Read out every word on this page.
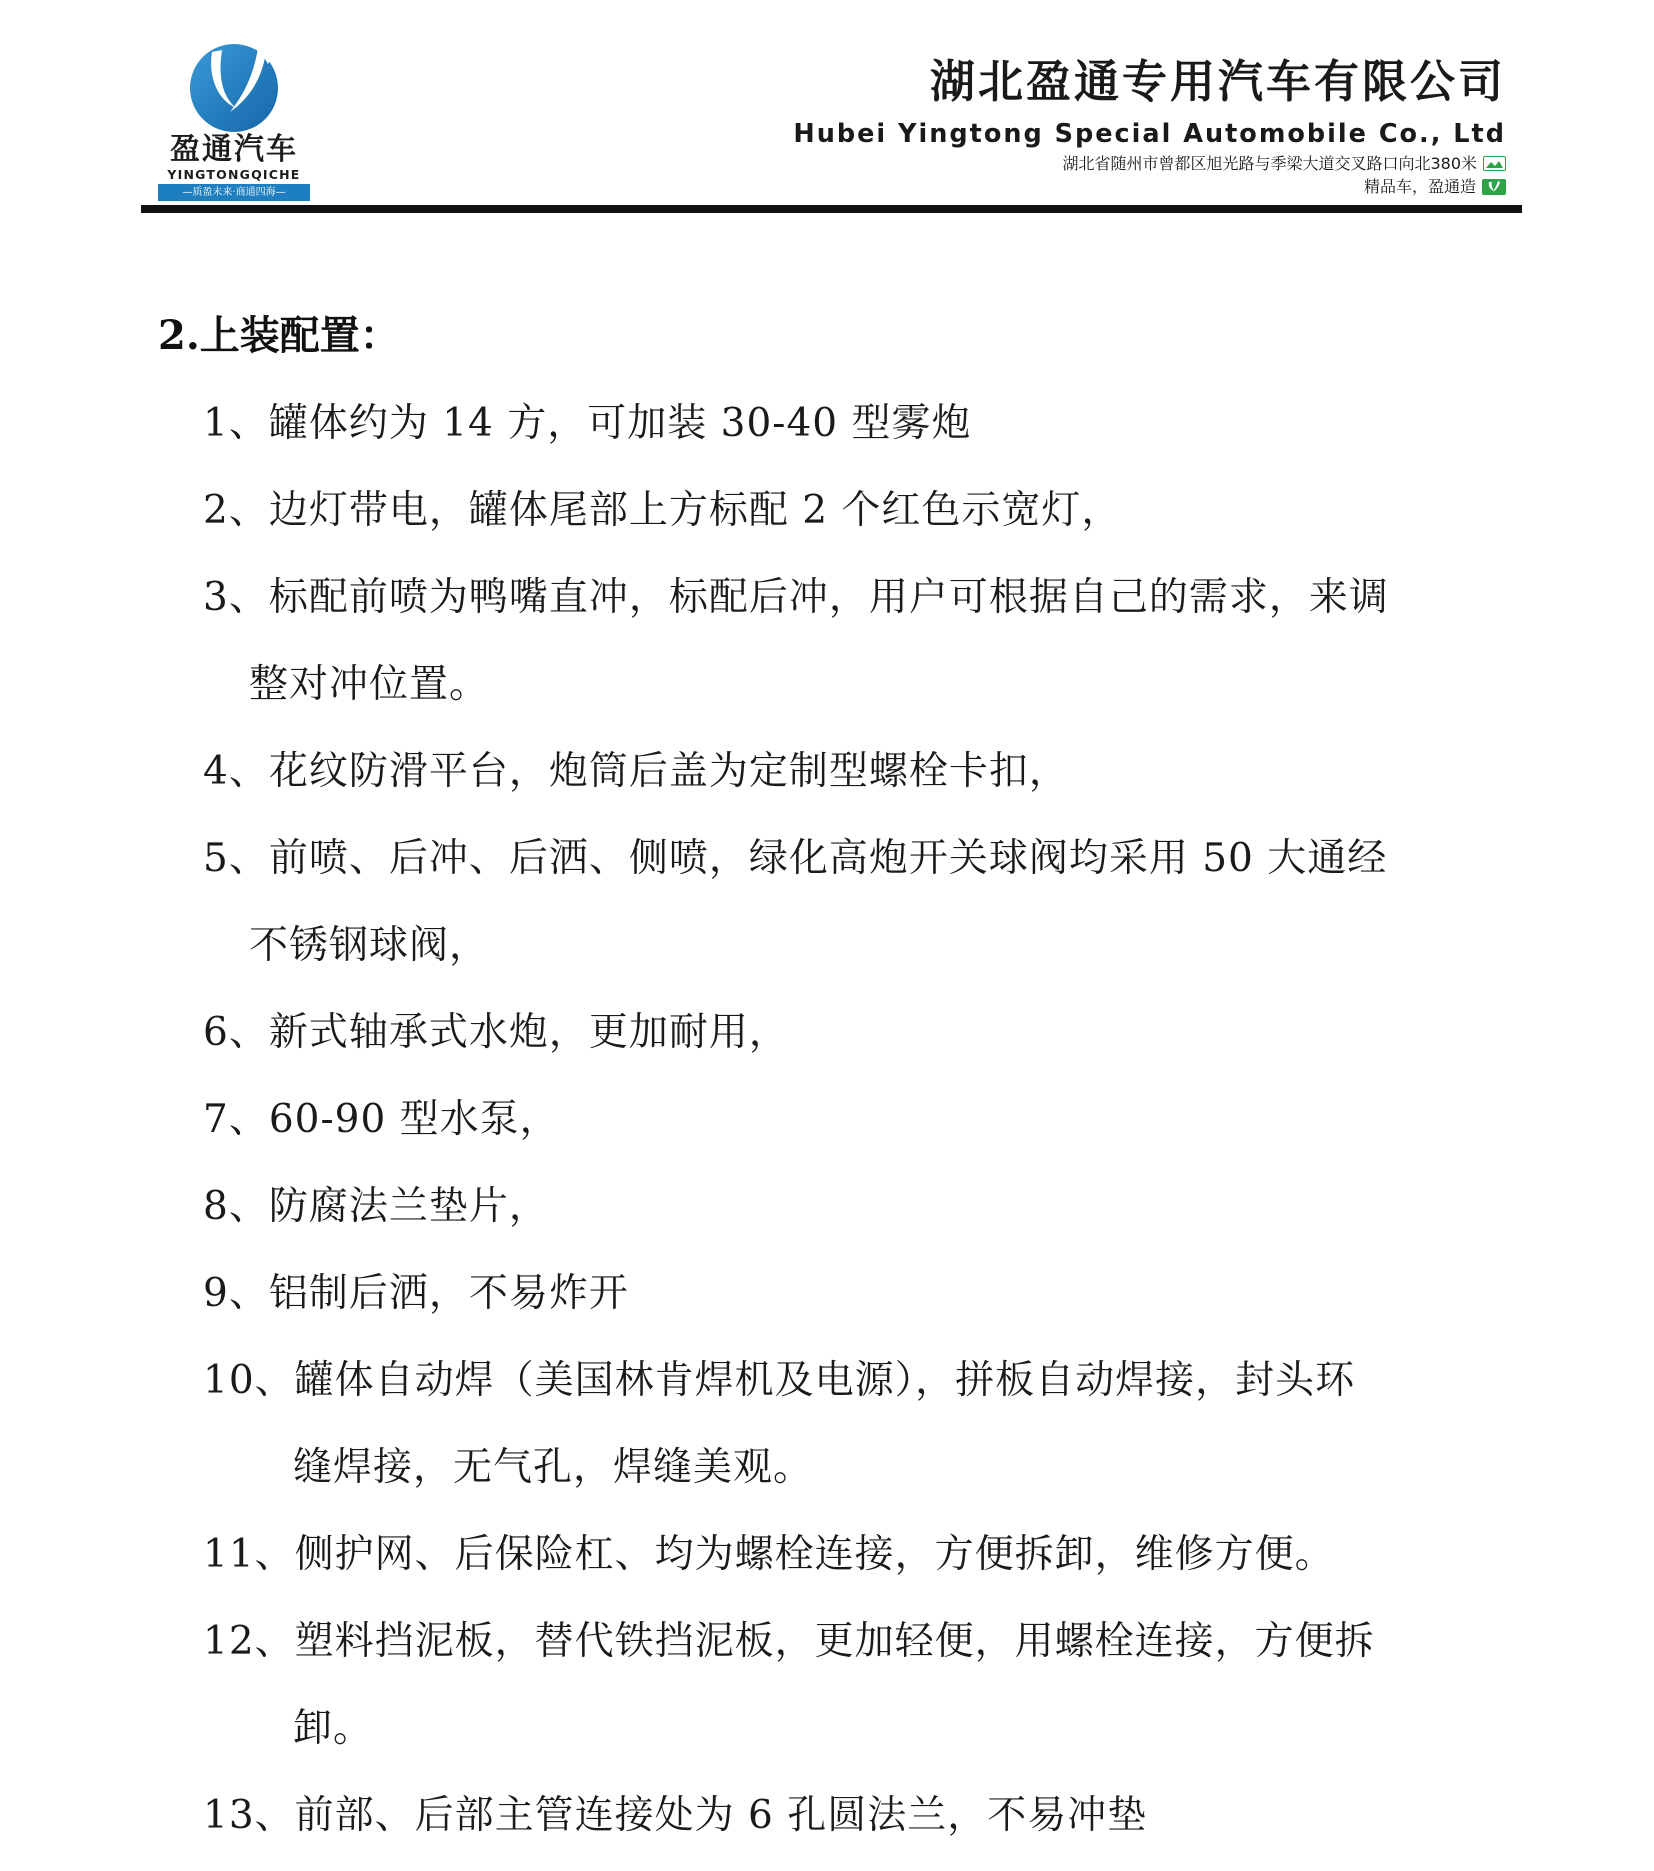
盈通汽车
YINGTONGQICHE
—质盈未来·商通四海—
湖北盈通专用汽车有限公司
Hubei Yingtong Special Automobile Co., Ltd
湖北省随州市曾都区旭光路与季梁大道交叉路口向北380米
精品车，盈通造
2.上装配置：
1、罐体约为 14 方，可加装 30-40 型雾炮
2、边灯带电，罐体尾部上方标配 2 个红色示宽灯，
3、标配前喷为鸭嘴直冲，标配后冲，用户可根据自己的需求，来调
整对冲位置。
4、花纹防滑平台，炮筒后盖为定制型螺栓卡扣，
5、前喷、后冲、后洒、侧喷，绿化高炮开关球阀均采用 50 大通经
不锈钢球阀，
6、新式轴承式水炮，更加耐用，
7、60-90 型水泵，
8、防腐法兰垫片，
9、铝制后洒，不易炸开
10、罐体自动焊（美国林肯焊机及电源），拼板自动焊接，封头环
缝焊接，无气孔，焊缝美观。
11、侧护网、后保险杠、均为螺栓连接，方便拆卸，维修方便。
12、塑料挡泥板，替代铁挡泥板，更加轻便，用螺栓连接，方便拆
卸。
13、前部、后部主管连接处为 6 孔圆法兰，不易冲垫
